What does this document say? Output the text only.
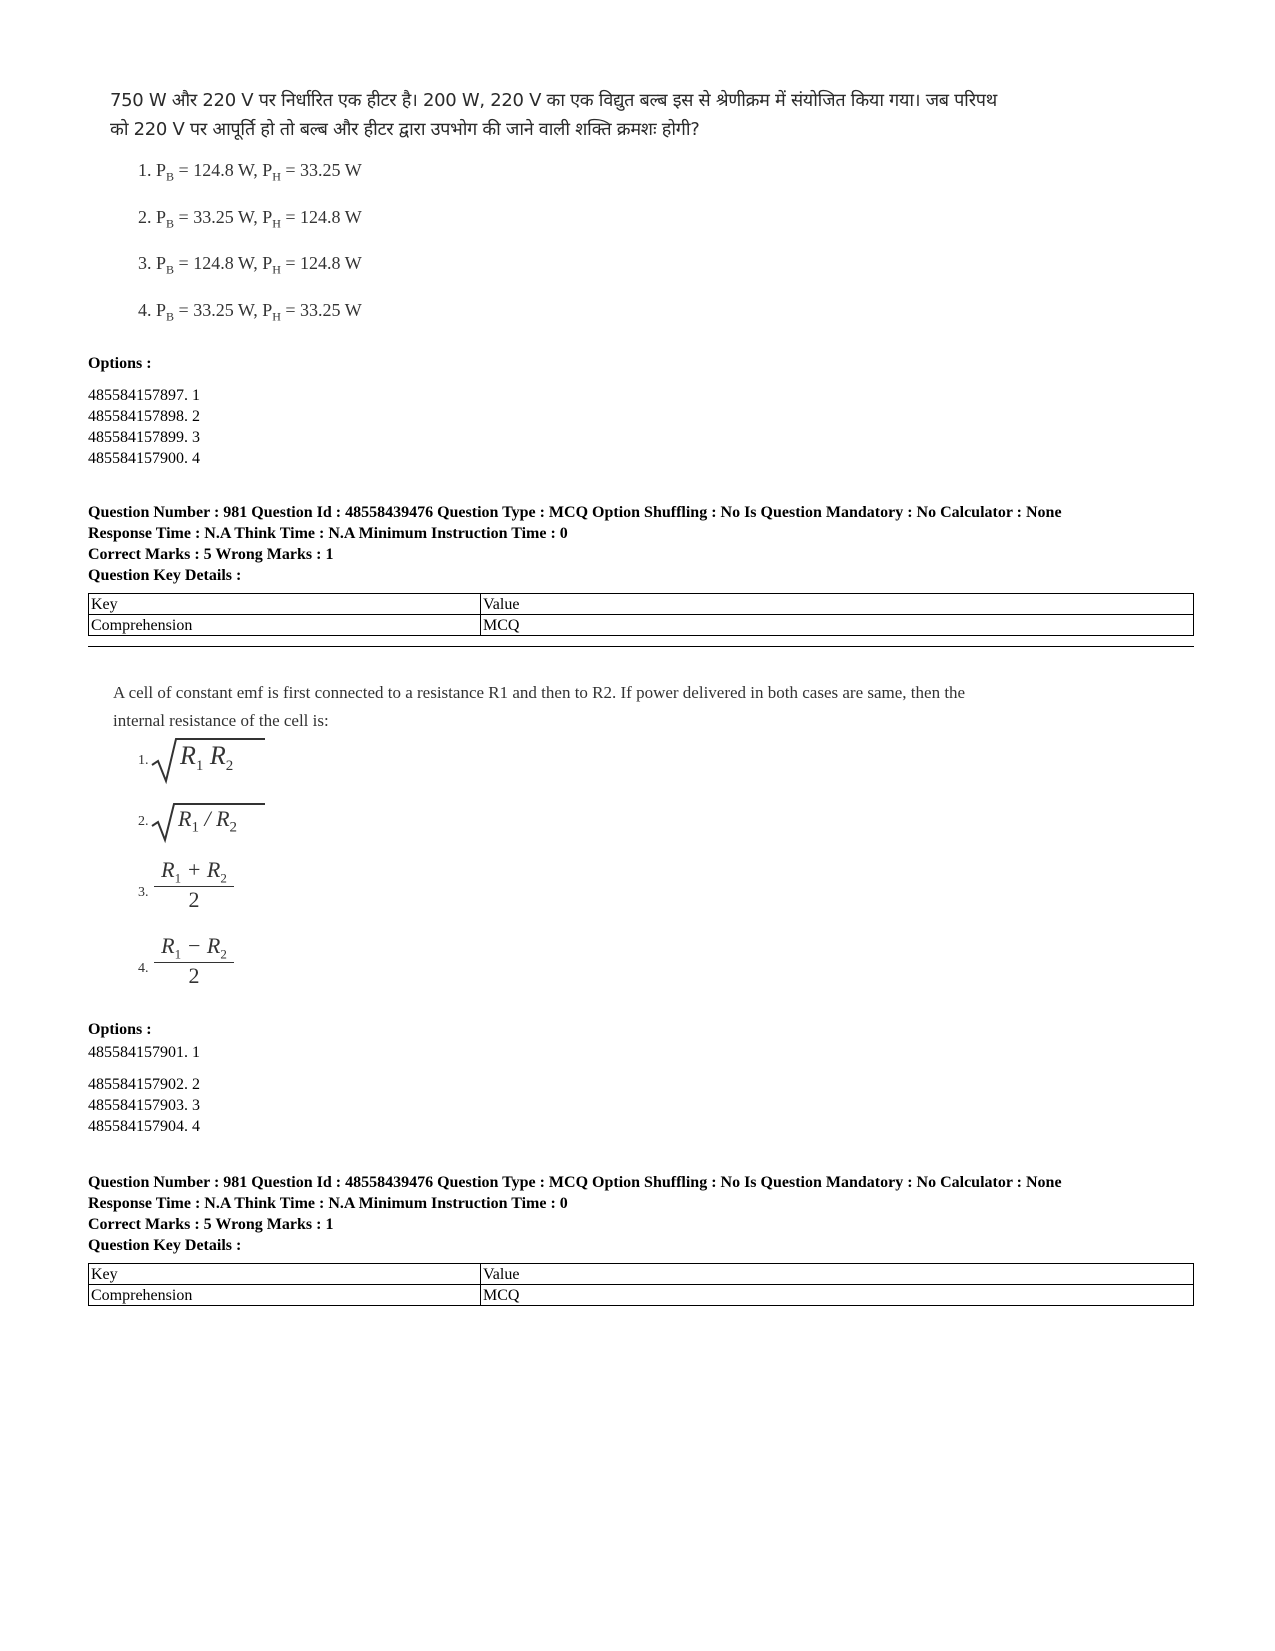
750 W और 220 V पर निर्धारित एक हीटर है। 200 W, 220 V का एक विद्युत बल्ब इस से श्रेणीक्रम में संयोजित किया गया। जब परिपथ को 220 V पर आपूर्ति हो तो बल्ब और हीटर द्वारा उपभोग की जाने वाली शक्ति क्रमशः होगी?
1. $P_B = 124.8$ W, $P_H = 33.25$ W
2. $P_B = 33.25$ W, $P_H = 124.8$ W
3. $P_B = 124.8$ W, $P_H = 124.8$ W
4. $P_B = 33.25$ W, $P_H = 33.25$ W
Options :
485584157897. 1
485584157898. 2
485584157899. 3
485584157900. 4
Question Number : 981 Question Id : 48558439476 Question Type : MCQ Option Shuffling : No Is Question Mandatory : No Calculator : None
Response Time : N.A Think Time : N.A Minimum Instruction Time : 0
Correct Marks : 5 Wrong Marks : 1
Question Key Details :
Key	Value
Comprehension	MCQ
A cell of constant emf is first connected to a resistance R1 and then to R2. If power delivered in both cases are same, then the internal resistance of the cell is:
1. $R_1$ $R_2$
2. $R_1 / R_2$
3. $\frac{R_1 + R_2}{2}$
4. $\frac{R_1 - R_2}{2}$
Options :
485584157901. 1
485584157902. 2
485584157903. 3
485584157904. 4
Question Number : 981 Question Id : 48558439476 Question Type : MCQ Option Shuffling : No Is Question Mandatory : No Calculator : None
Response Time : N.A Think Time : N.A Minimum Instruction Time : 0
Correct Marks : 5 Wrong Marks : 1
Question Key Details :
Key	Value
Comprehension	MCQ
